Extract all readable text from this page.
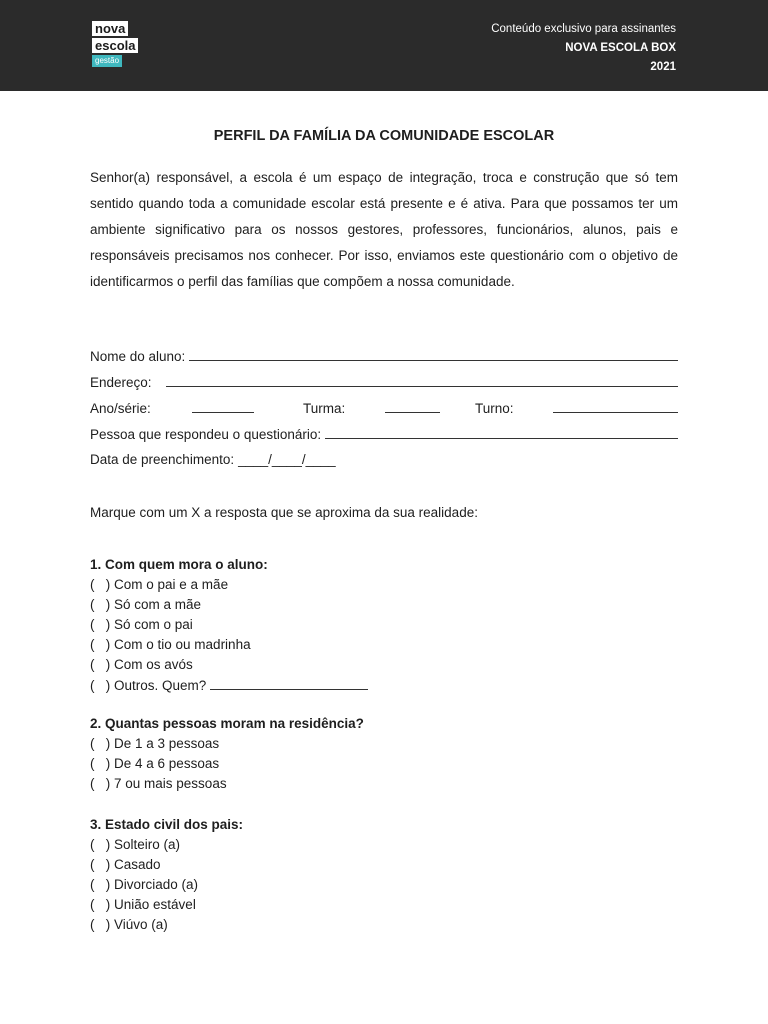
nova
escola
gestão
Conteúdo exclusivo para assinantes
NOVA ESCOLA BOX
2021
PERFIL DA FAMÍLIA DA COMUNIDADE ESCOLAR

Senhor(a) responsável, a escola é um espaço de integração, troca e construção que só tem sentido quando toda a comunidade escolar está presente e é ativa. Para que possamos ter um ambiente significativo para os nossos gestores, professores, funcionários, alunos, pais e responsáveis precisamos nos conhecer. Por isso, enviamos este questionário com o objetivo de identificarmos o perfil das famílias que compõem a nossa comunidade.

Nome do aluno:
Endereço:
Ano/série:	Turma:	Turno:
Pessoa que respondeu o questionário:
Data de preenchimento: ____/____/____
Marque com um X a resposta que se aproxima da sua realidade:
1. Com quem mora o aluno:
(   )
Com o pai e a mãe
(   )
Só com a mãe
(   )
Só com o pai
(   )
Com o tio ou madrinha
(   )
Com os avós
(   )
Outros. Quem?
2. Quantas pessoas moram na residência?
(   )
De 1 a 3 pessoas
(   )
De 4 a 6 pessoas
(   )
7 ou mais pessoas
3. Estado civil dos pais:
(   )
Solteiro (a)
(   )
Casado
(   )
Divorciado (a)
(   )
União estável
(   )
Viúvo (a)
